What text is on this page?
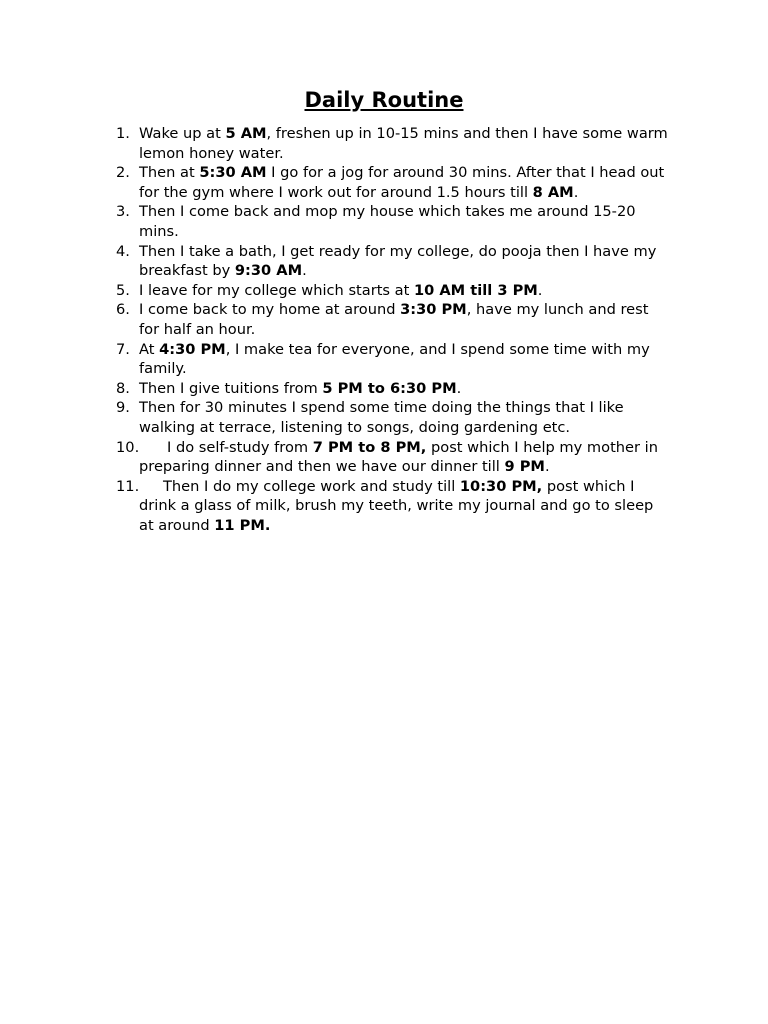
Daily Routine
1. Wake up at 5 AM, freshen up in 10-15 mins and then I have some warm lemon honey water.
2. Then at 5:30 AM I go for a jog for around 30 mins. After that I head out for the gym where I work out for around 1.5 hours till 8 AM.
3. Then I come back and mop my house which takes me around 15-20 mins.
4. Then I take a bath, I get ready for my college, do pooja then I have my breakfast by 9:30 AM.
5. I leave for my college which starts at 10 AM till 3 PM.
6. I come back to my home at around 3:30 PM, have my lunch and rest for half an hour.
7. At 4:30 PM, I make tea for everyone, and I spend some time with my family.
8. Then I give tuitions from 5 PM to 6:30 PM.
9. Then for 30 minutes I spend some time doing the things that I like walking at terrace, listening to songs, doing gardening etc.
10. I do self-study from 7 PM to 8 PM, post which I help my mother in preparing dinner and then we have our dinner till 9 PM.
11. Then I do my college work and study till 10:30 PM, post which I drink a glass of milk, brush my teeth, write my journal and go to sleep at around 11 PM.
